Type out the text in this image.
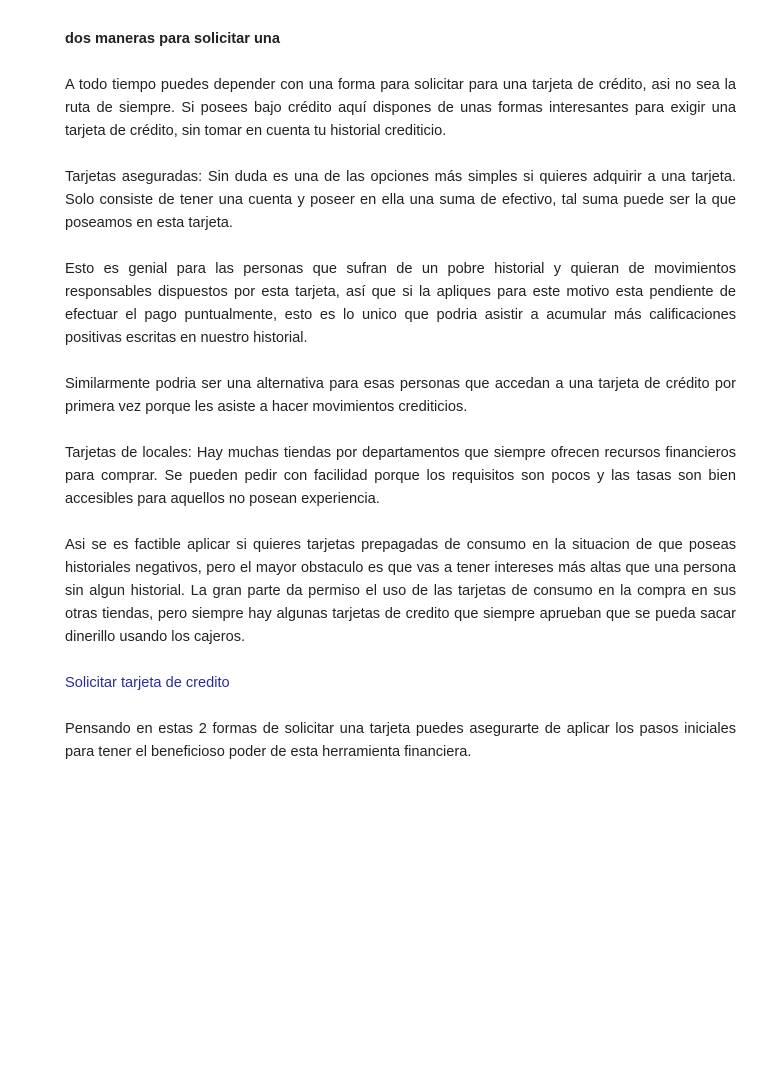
dos maneras para solicitar una

A todo tiempo puedes depender con una forma para solicitar para una tarjeta de crédito, asi no sea la ruta de siempre. Si posees bajo crédito aquí dispones de unas formas interesantes para exigir una tarjeta de crédito, sin tomar en cuenta tu historial crediticio.

Tarjetas aseguradas: Sin duda es una de las opciones más simples si quieres adquirir a una tarjeta. Solo consiste de tener una cuenta y poseer en ella una suma de efectivo, tal suma puede ser la que poseamos en esta tarjeta.

Esto es genial para las personas que sufran de un pobre historial y quieran de movimientos responsables dispuestos por esta tarjeta, así que si la apliques para este motivo esta pendiente de efectuar el pago puntualmente, esto es lo unico que podria asistir a acumular más calificaciones positivas escritas en nuestro historial.

Similarmente podria ser una alternativa para esas personas que accedan a una tarjeta de crédito por primera vez porque les asiste a hacer movimientos crediticios.

Tarjetas de locales: Hay muchas tiendas por departamentos que siempre ofrecen recursos financieros para comprar. Se pueden pedir con facilidad porque los requisitos son pocos y las tasas son bien accesibles para aquellos no posean experiencia.

Asi se es factible aplicar si quieres tarjetas prepagadas de consumo en la situacion de que poseas historiales negativos, pero el mayor obstaculo es que vas a tener intereses más altas que una persona sin algun historial. La gran parte da permiso el uso de las tarjetas de consumo en la compra en sus otras tiendas, pero siempre hay algunas tarjetas de credito que siempre aprueban que se pueda sacar dinerillo usando los cajeros.

Solicitar tarjeta de credito

Pensando en estas 2 formas de solicitar una tarjeta puedes asegurarte de aplicar los pasos iniciales para tener el beneficioso poder de esta herramienta financiera.
